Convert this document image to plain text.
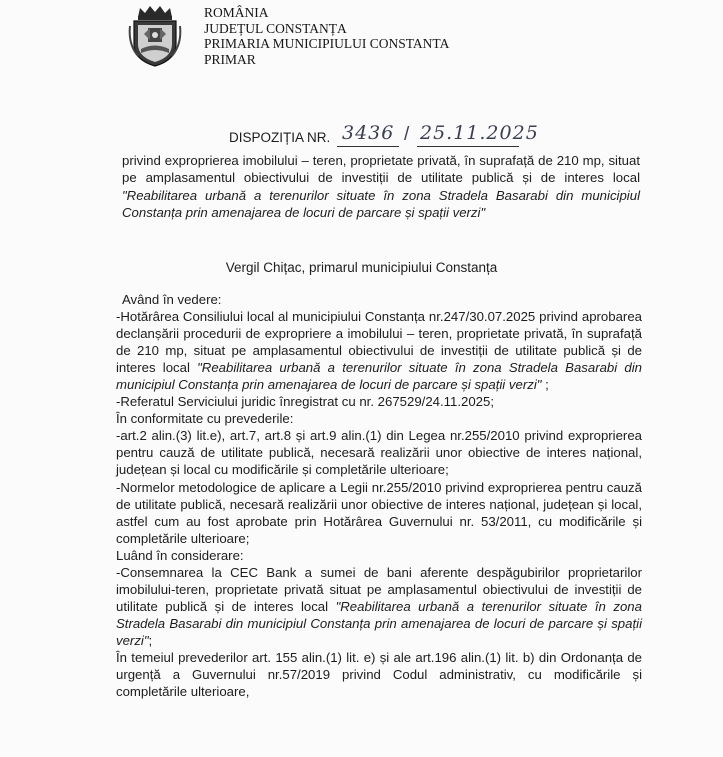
ROMÂNIA
JUDEȚUL CONSTANȚA
PRIMARIA MUNICIPIULUI CONSTANTA
PRIMAR
DISPOZIȚIA NR. 3436 / 25.11.2025
privind exproprierea imobilului – teren, proprietate privată, în suprafață de 210 mp, situat pe amplasamentul obiectivului de investiții de utilitate publică și de interes local "Reabilitarea urbană a terenurilor situate în zona Stradela Basarabi din municipiul Constanța prin amenajarea de locuri de parcare și spații verzi"
Vergil Chițac, primarul municipiului Constanța

Având în vedere:

-Hotărârea Consiliului local al municipiului Constanța nr.247/30.07.2025 privind aprobarea declanșării procedurii de expropriere a imobilului – teren, proprietate privată, în suprafață de 210 mp, situat pe amplasamentul obiectivului de investiții de utilitate publică și de interes local "Reabilitarea urbană a terenurilor situate în zona Stradela Basarabi din municipiul Constanța prin amenajarea de locuri de parcare și spații verzi" ;

-Referatul Serviciului juridic înregistrat cu nr. 267529/24.11.2025;

În conformitate cu prevederile:

-art.2 alin.(3) lit.e), art.7, art.8 și art.9 alin.(1) din Legea nr.255/2010 privind exproprierea pentru cauză de utilitate publică, necesară realizării unor obiective de interes național, județean și local cu modificările și completările ulterioare;

-Normelor metodologice de aplicare a Legii nr.255/2010 privind exproprierea pentru cauză de utilitate publică, necesară realizării unor obiective de interes național, județean și local, astfel cum au fost aprobate prin Hotărârea Guvernului nr. 53/2011, cu modificările și completările ulterioare;

Luând în considerare:

-Consemnarea la CEC Bank a sumei de bani aferente despăgubirilor proprietarilor imobilului-teren, proprietate privată situat pe amplasamentul obiectivului de investiții de utilitate publică și de interes local "Reabilitarea urbană a terenurilor situate în zona Stradela Basarabi din municipiul Constanța prin amenajarea de locuri de parcare și spații verzi";

În temeiul prevederilor art. 155 alin.(1) lit. e) și ale art.196 alin.(1) lit. b) din Ordonanța de urgență a Guvernului nr.57/2019 privind Codul administrativ, cu modificările și completările ulterioare,
